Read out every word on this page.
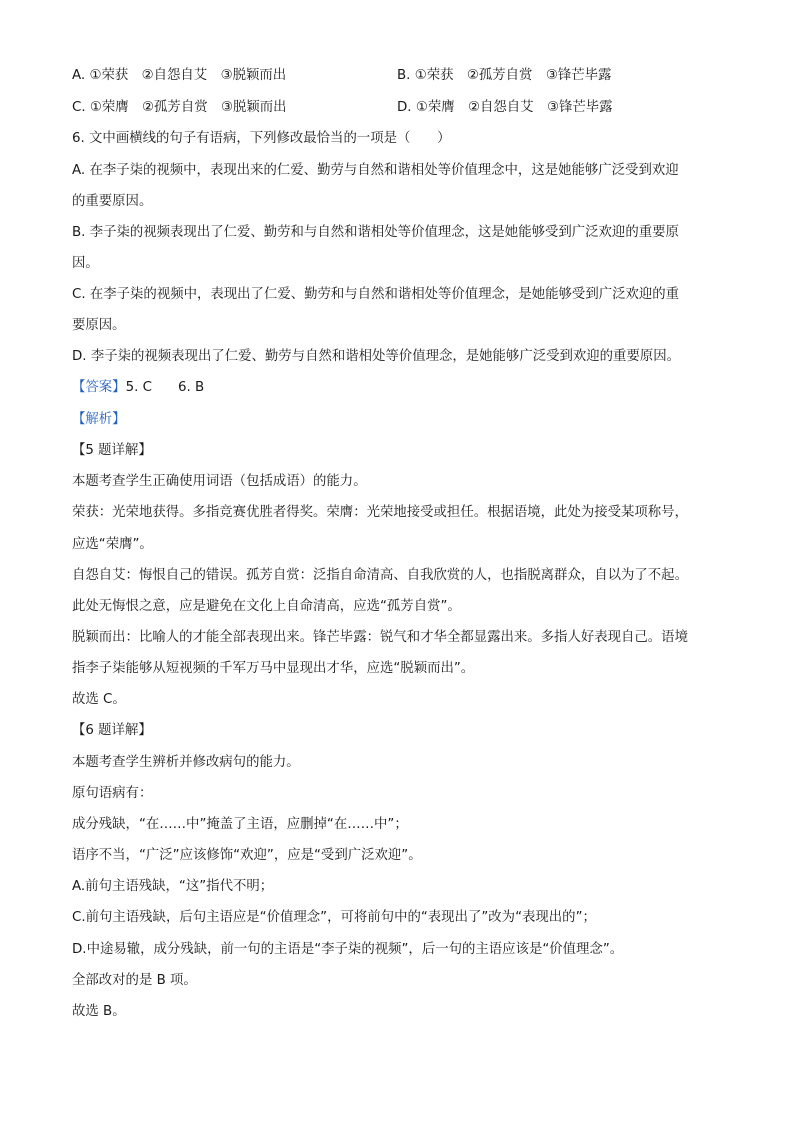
A. ①荣获　②自怨自艾　③脱颖而出	B. ①荣获　②孤芳自赏　③锋芒毕露
C. ①荣膺　②孤芳自赏　③脱颖而出	D. ①荣膺　②自怨自艾　③锋芒毕露
6. 文中画横线的句子有语病，下列修改最恰当的一项是（　　）
A. 在李子柒的视频中，表现出来的仁爱、勤劳与自然和谐相处等价值理念中，这是她能够广泛受到欢迎
的重要原因。
B. 李子柒的视频表现出了仁爱、勤劳和与自然和谐相处等价值理念，这是她能够受到广泛欢迎的重要原
因。
C. 在李子柒的视频中，表现出了仁爱、勤劳和与自然和谐相处等价值理念，是她能够受到广泛欢迎的重
要原因。
D. 李子柒的视频表现出了仁爱、勤劳与自然和谐相处等价值理念，是她能够广泛受到欢迎的重要原因。
【答案】5. C 6. B
【解析】
【5 题详解】
本题考查学生正确使用词语（包括成语）的能力。
荣获：光荣地获得。多指竞赛优胜者得奖。荣膺：光荣地接受或担任。根据语境，此处为接受某项称号，
应选“荣膺”。
自怨自艾：悔恨自己的错误。孤芳自赏：泛指自命清高、自我欣赏的人，也指脱离群众，自以为了不起。
此处无悔恨之意，应是避免在文化上自命清高，应选“孤芳自赏”。
脱颖而出：比喻人的才能全部表现出来。锋芒毕露：锐气和才华全都显露出来。多指人好表现自己。语境
指李子柒能够从短视频的千军万马中显现出才华，应选“脱颖而出”。
故选 C。
【6 题详解】
本题考查学生辨析并修改病句的能力。
原句语病有：
成分残缺，“在……中”掩盖了主语，应删掉“在……中”；
语序不当，“广泛”应该修饰“欢迎”，应是“受到广泛欢迎”。
A.前句主语残缺，“这”指代不明；
C.前句主语残缺，后句主语应是“价值理念”，可将前句中的“表现出了”改为“表现出的”；
D.中途易辙，成分残缺，前一句的主语是“李子柒的视频”，后一句的主语应该是“价值理念”。
全部改对的是 B 项。
故选 B。
